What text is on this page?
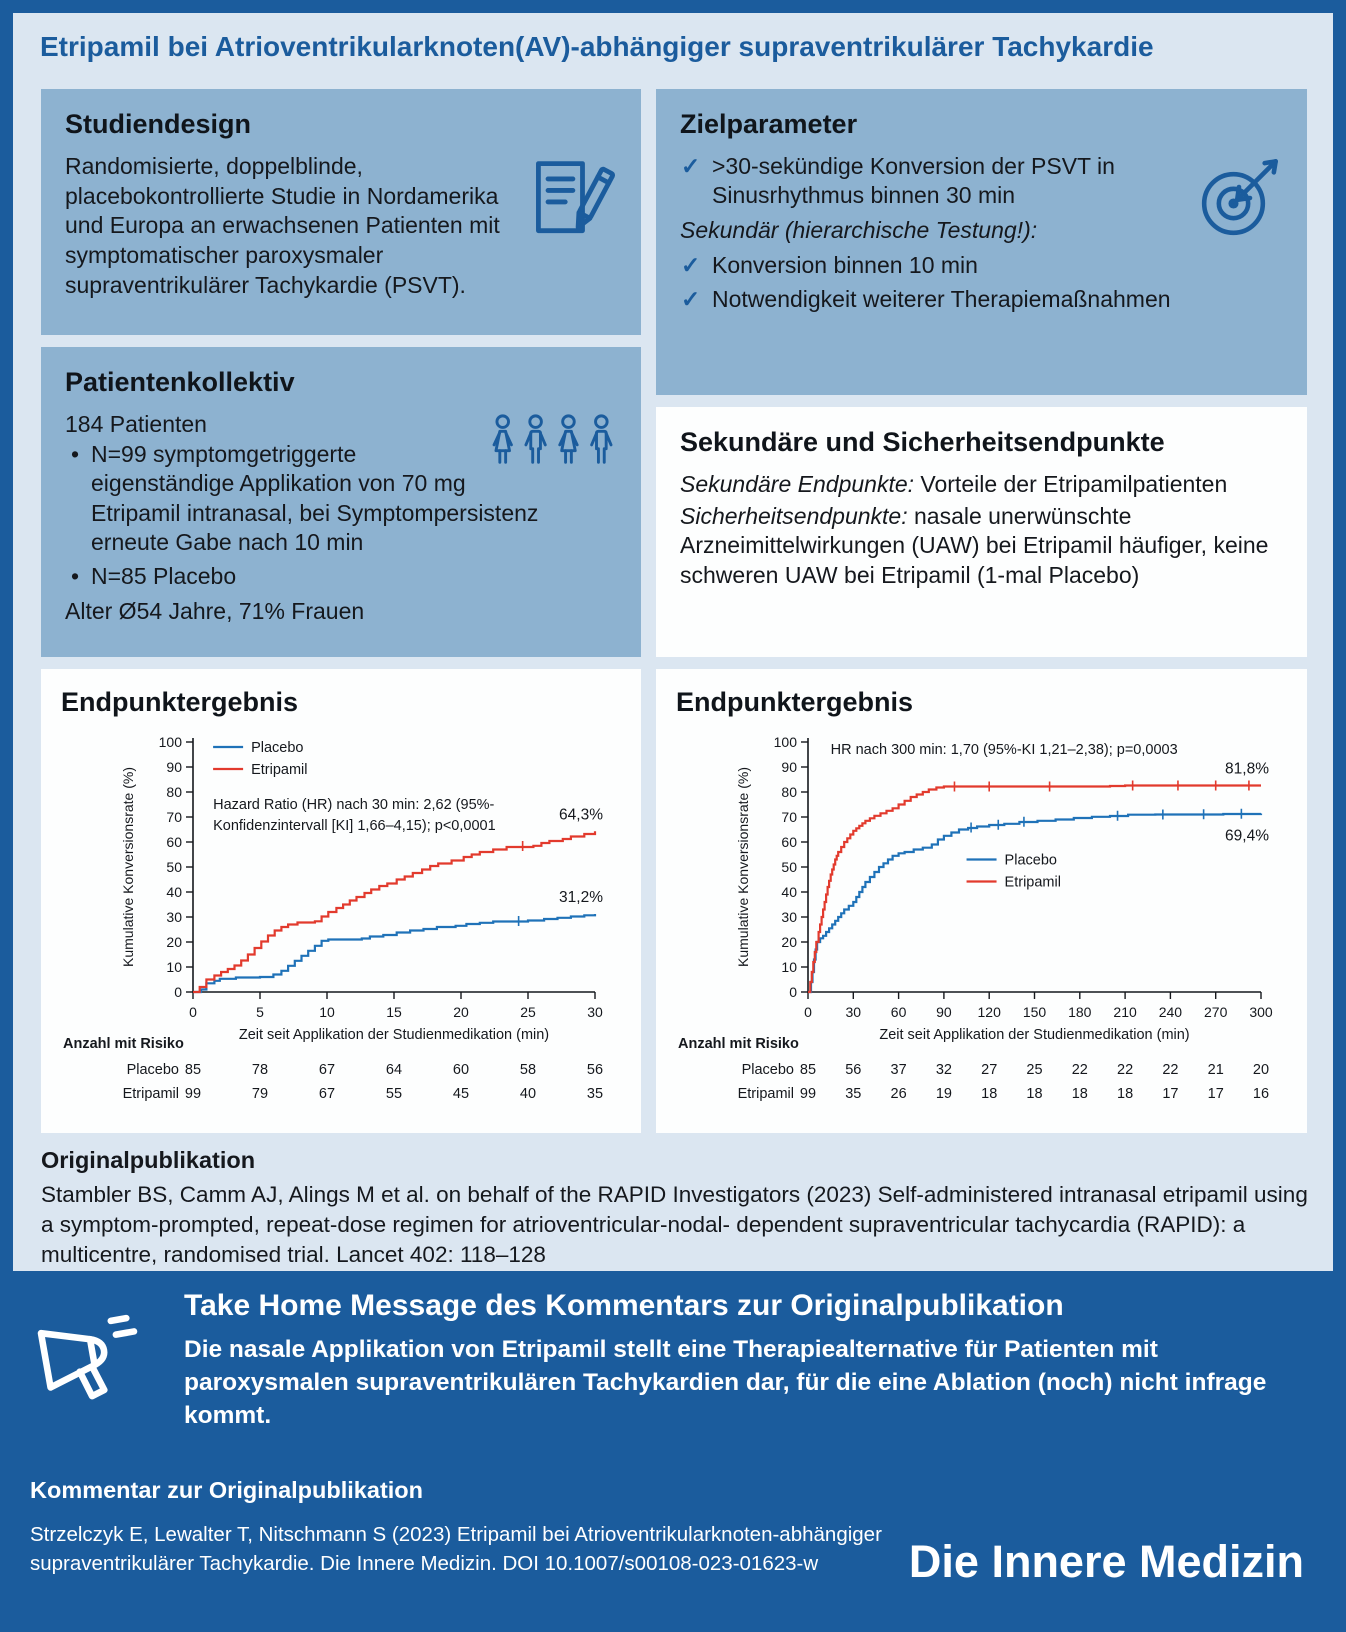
Etripamil bei Atrioventrikularknoten(AV)-abhängiger supraventrikulärer Tachykardie
Studiendesign

Randomisierte, doppelblinde, placebokontrollierte Studie in Nordamerika und Europa an erwachsenen Patienten mit symptomatischer paroxysmaler supraventrikulärer Tachykardie (PSVT).

Zielparameter
✓ >30-sekündige Konversion der PSVT in Sinusrhythmus binnen 30 min
Sekundär (hierarchische Testung!):
✓ Konversion binnen 10 min
✓ Notwendigkeit weiterer Therapiemaßnahmen
Patientenkollektiv

184 Patienten

• N=99 symptomgetriggerte eigenständige Applikation von 70 mg Etripamil intranasal, bei Symptompersistenz erneute Gabe nach 10 min
• N=85 Placebo

Alter Ø54 Jahre, 71% Frauen

Sekundäre und Sicherheitsendpunkte

Sekundäre Endpunkte: Vorteile der Etripamilpatienten

Sicherheitsendpunkte: nasale unerwünschte Arzneimittelwirkungen (UAW) bei Etripamil häufiger, keine schweren UAW bei Etripamil (1-mal Placebo)

Endpunktergebnis
0
10
20
30
40
50
60
70
80
90
100
0	5	10	15	20	25	30
Kumulative Konversionsrate (%)
Zeit seit Applikation der Studienmedikation (min)
31,2%
64,3%
Placebo
Etripamil
Hazard Ratio (HR) nach 30 min: 2,62 (95%-
Konfidenzintervall [KI] 1,66–4,15); p<0,0001
Anzahl mit Risiko
Placebo 85	78	67	64	60	58	56
Etripamil 99	79	67	55	45	40	35
Endpunktergebnis
0
10
20
30
40
50
60
70
80
90
100
0 30 60 90 120 150 180 210 240 270 300
Kumulative Konversionsrate (%)
Zeit seit Applikation der Studienmedikation (min)
69,4%
81,8%
Placebo
Etripamil
HR nach 300 min: 1,70 (95%-KI 1,21–2,38); p=0,0003
Anzahl mit Risiko
Placebo 85 56 37 32 27 25 22 22 22 21 20
Etripamil 99 35 26 19 18 18 18 18 17 17 16
Originalpublikation

Stambler BS, Camm AJ, Alings M et al. on behalf of the RAPID Investigators (2023) Self-administered intranasal etripamil using a symptom-prompted, repeat-dose regimen for atrioventricular-nodal- dependent supraventricular tachycardia (RAPID): a multicentre, randomised trial. Lancet 402: 118–128

Take Home Message des Kommentars zur Originalpublikation

Die nasale Applikation von Etripamil stellt eine Therapiealternative für Patienten mit paroxysmalen supraventrikulären Tachykardien dar, für die eine Ablation (noch) nicht infrage kommt.

Kommentar zur Originalpublikation

Strzelczyk E, Lewalter T, Nitschmann S (2023) Etripamil bei Atrioventrikularknoten-abhängiger supraventrikulärer Tachykardie. Die Innere Medizin. DOI 10.1007/s00108-023-01623-w	Die Innere Medizin
